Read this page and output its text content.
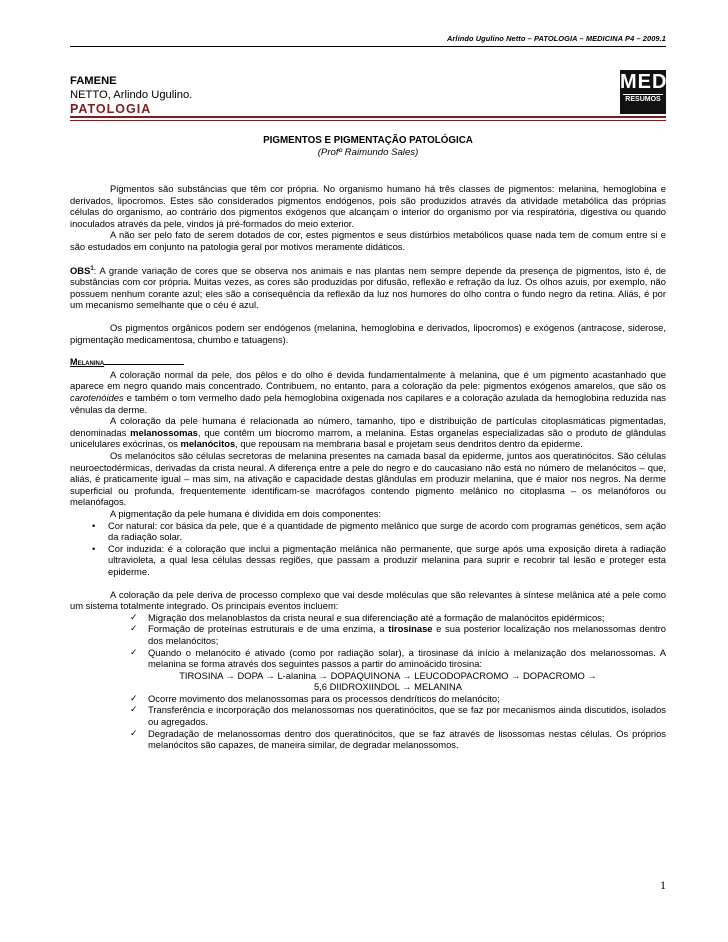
Arlindo Ugulino Netto – PATOLOGIA – MEDICINA P4 – 2009.1
FAMENE
NETTO, Arlindo Ugulino.
PATOLOGIA
MED
RESUMOS
PIGMENTOS E PIGMENTAÇÃO PATOLÓGICA
(Profº Raimundo Sales)

Pigmentos são substâncias que têm cor própria. No organismo humano há três classes de pigmentos: melanina, hemoglobina e derivados, lipocromos. Estes são considerados pigmentos endógenos, pois são produzidos através da atividade metabólica das próprias células do organismo, ao contrário dos pigmentos exógenos que alcançam o interior do organismo por via respiratória, digestiva ou quando inoculados através da pele, vindos já pré-formados do meio exterior.

A não ser pelo fato de serem dotados de cor, estes pigmentos e seus distúrbios metabólicos quase nada tem de comum entre si e são estudados em conjunto na patologia geral por motivos meramente didáticos.

OBS$^1$: A grande variação de cores que se observa nos animais e nas plantas nem sempre depende da presença de pigmentos, isto é, de substâncias com cor própria. Muitas vezes, as cores são produzidas por difusão, reflexão e refração da luz. Os olhos azuis, por exemplo, não possuem nenhum corante azul; eles são a consequência da reflexão da luz nos humores do olho contra o fundo negro da retina. Aliás, é por um mecanismo semelhante que o céu é azul.

Os pigmentos orgânicos podem ser endógenos (melanina, hemoglobina e derivados, lipocromos) e exógenos (antracose, siderose, pigmentação medicamentosa, chumbo e tatuagens).

Melanina

A coloração normal da pele, dos pêlos e do olho é devida fundamentalmente à melanina, que é um pigmento acastanhado que aparece em negro quando mais concentrado. Contribuem, no entanto, para a coloração da pele: pigmentos exógenos amarelos, que são os carotenóides e também o tom vermelho dado pela hemoglobina oxigenada nos capilares e a coloração azulada da hemoglobina reduzida nas vênulas da derme.

A coloração da pele humana é relacionada ao número, tamanho, tipo e distribuição de partículas citoplasmáticas pigmentadas, denominadas melanossomas, que contêm um biocromo marrom, a melanina. Estas organelas especializadas são o produto de glândulas unicelulares exócrinas, os melanócitos, que repousam na membrana basal e projetam seus dendritos dentro da epiderme.

Os melanócitos são células secretoras de melanina presentes na camada basal da epiderme, juntos aos queratinócitos. São células neuroectodérmicas, derivadas da crista neural. A diferença entre a pele do negro e do caucasiano não está no número de melanócitos – que, aliás, é praticamente igual – mas sim, na ativação e capacidade destas glândulas em produzir melanina, que é maior nos negros. Na derme superficial ou profunda, frequentemente identificam-se macrófagos contendo pigmento melânico no citoplasma – os melanóforos ou melanófagos.

A pigmentação da pele humana é dividida em dois componentes:

• Cor natural: cor básica da pele, que é a quantidade de pigmento melânico que surge de acordo com programas genéticos, sem ação da radiação solar.
• Cor induzida: é a coloração que inclui a pigmentação melânica não permanente, que surge após uma exposição direta à radiação ultravioleta, a qual lesa células dessas regiões, que passam a produzir melanina para suprir e recobrir tal lesão e proteger esta epiderme.

A coloração da pele deriva de processo complexo que vai desde moléculas que são relevantes à síntese melânica até a pele como um sistema totalmente integrado. Os principais eventos incluem:

✓ Migração dos melanoblastos da crista neural e sua diferenciação até a formação de malanócitos epidérmicos;
✓ Formação de proteínas estruturais e de uma enzima, a tirosinase e sua posterior localização nos melanossomas dentro dos melanócitos;
✓ Quando o melanócito é ativado (como por radiação solar), a tirosinase dá início à melanização dos melanossomas. A melanina se forma através dos seguintes passos a partir do aminoácido tirosina:
TIROSINA → DOPA → L-alanina → DOPAQUINONA → LEUCODOPACROMO → DOPACROMO →
5,6 DIIDROXIINDOL → MELANINA
✓ Ocorre movimento dos melanossomas para os processos dendríticos do melanócito;
✓ Transferência e incorporação dos melanossomas nos queratinócitos, que se faz por mecanismos ainda discutidos, isolados ou agregados.
✓ Degradação de melanossomas dentro dos queratinócitos, que se faz através de lisossomas nestas células. Os próprios melanócitos são capazes, de maneira similar, de degradar melanossomos.
1
